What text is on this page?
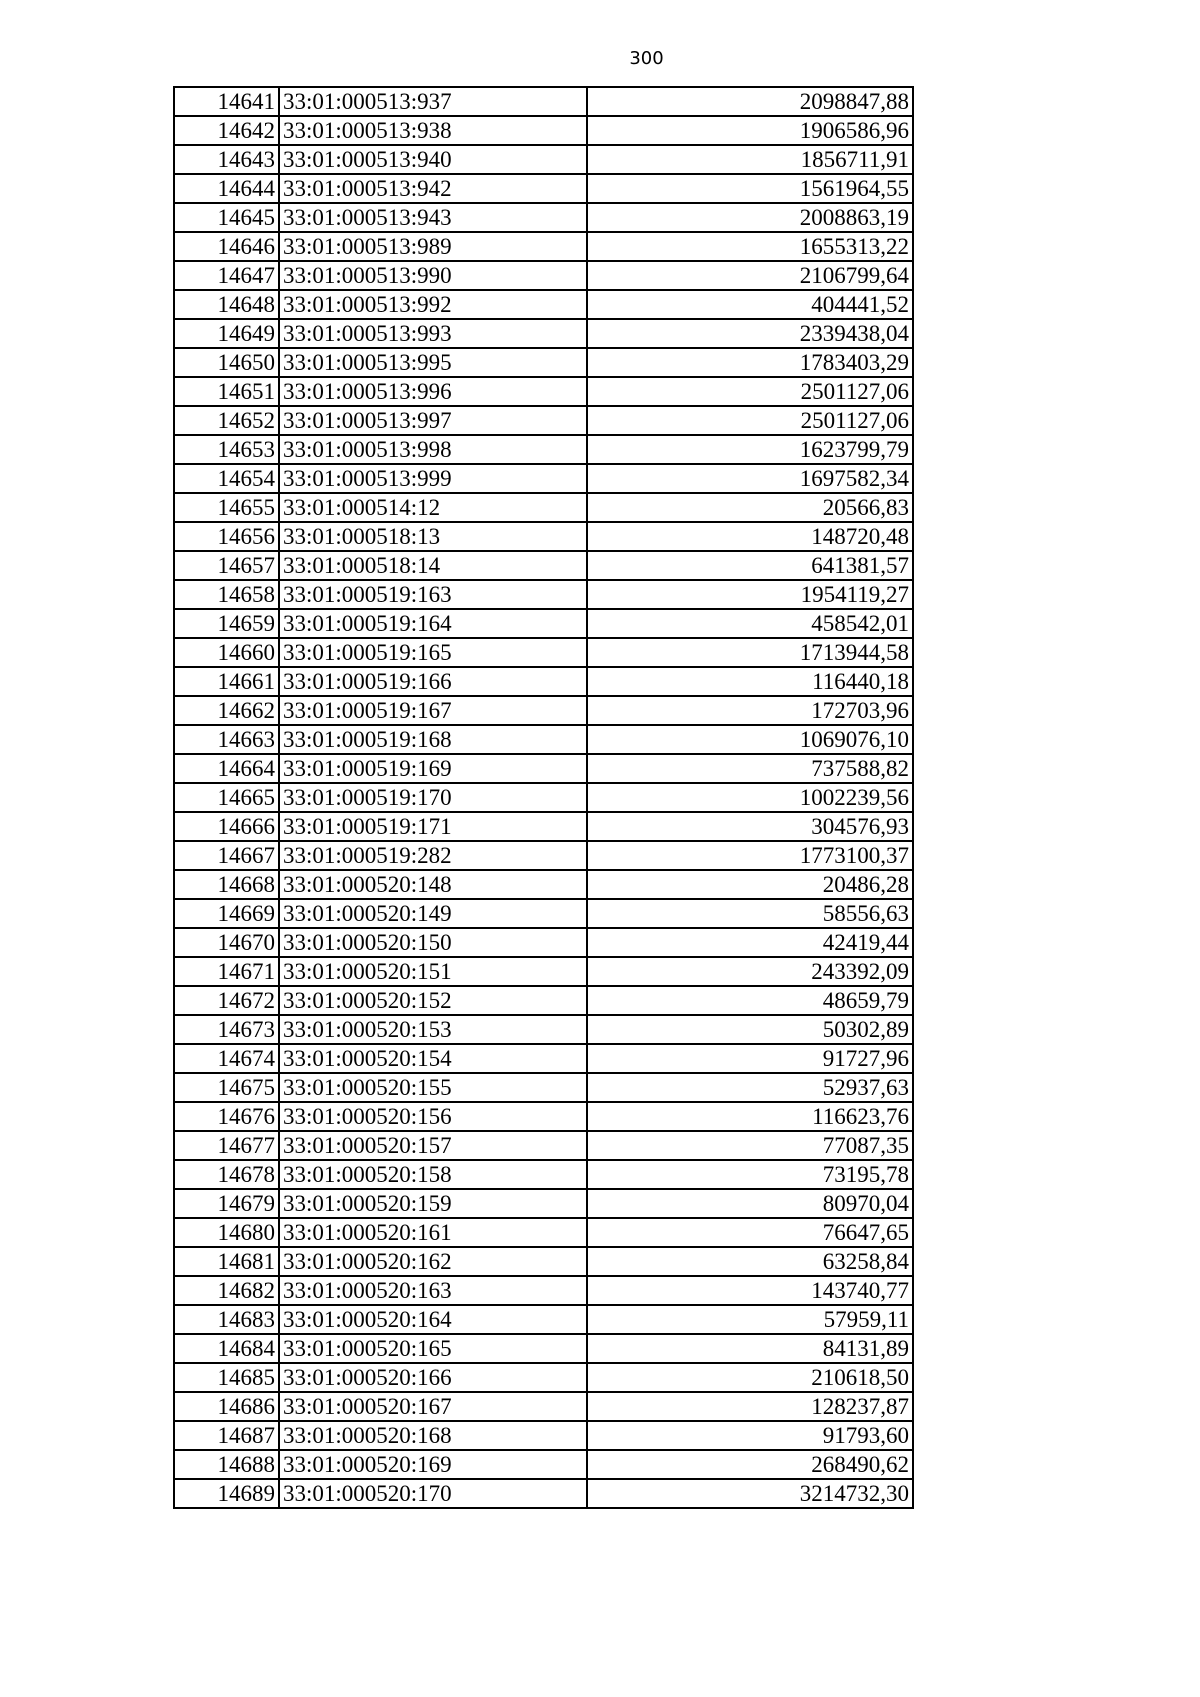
300
14641	33:01:000513:937	2098847,88
14642	33:01:000513:938	1906586,96
14643	33:01:000513:940	1856711,91
14644	33:01:000513:942	1561964,55
14645	33:01:000513:943	2008863,19
14646	33:01:000513:989	1655313,22
14647	33:01:000513:990	2106799,64
14648	33:01:000513:992	404441,52
14649	33:01:000513:993	2339438,04
14650	33:01:000513:995	1783403,29
14651	33:01:000513:996	2501127,06
14652	33:01:000513:997	2501127,06
14653	33:01:000513:998	1623799,79
14654	33:01:000513:999	1697582,34
14655	33:01:000514:12	20566,83
14656	33:01:000518:13	148720,48
14657	33:01:000518:14	641381,57
14658	33:01:000519:163	1954119,27
14659	33:01:000519:164	458542,01
14660	33:01:000519:165	1713944,58
14661	33:01:000519:166	116440,18
14662	33:01:000519:167	172703,96
14663	33:01:000519:168	1069076,10
14664	33:01:000519:169	737588,82
14665	33:01:000519:170	1002239,56
14666	33:01:000519:171	304576,93
14667	33:01:000519:282	1773100,37
14668	33:01:000520:148	20486,28
14669	33:01:000520:149	58556,63
14670	33:01:000520:150	42419,44
14671	33:01:000520:151	243392,09
14672	33:01:000520:152	48659,79
14673	33:01:000520:153	50302,89
14674	33:01:000520:154	91727,96
14675	33:01:000520:155	52937,63
14676	33:01:000520:156	116623,76
14677	33:01:000520:157	77087,35
14678	33:01:000520:158	73195,78
14679	33:01:000520:159	80970,04
14680	33:01:000520:161	76647,65
14681	33:01:000520:162	63258,84
14682	33:01:000520:163	143740,77
14683	33:01:000520:164	57959,11
14684	33:01:000520:165	84131,89
14685	33:01:000520:166	210618,50
14686	33:01:000520:167	128237,87
14687	33:01:000520:168	91793,60
14688	33:01:000520:169	268490,62
14689	33:01:000520:170	3214732,30
